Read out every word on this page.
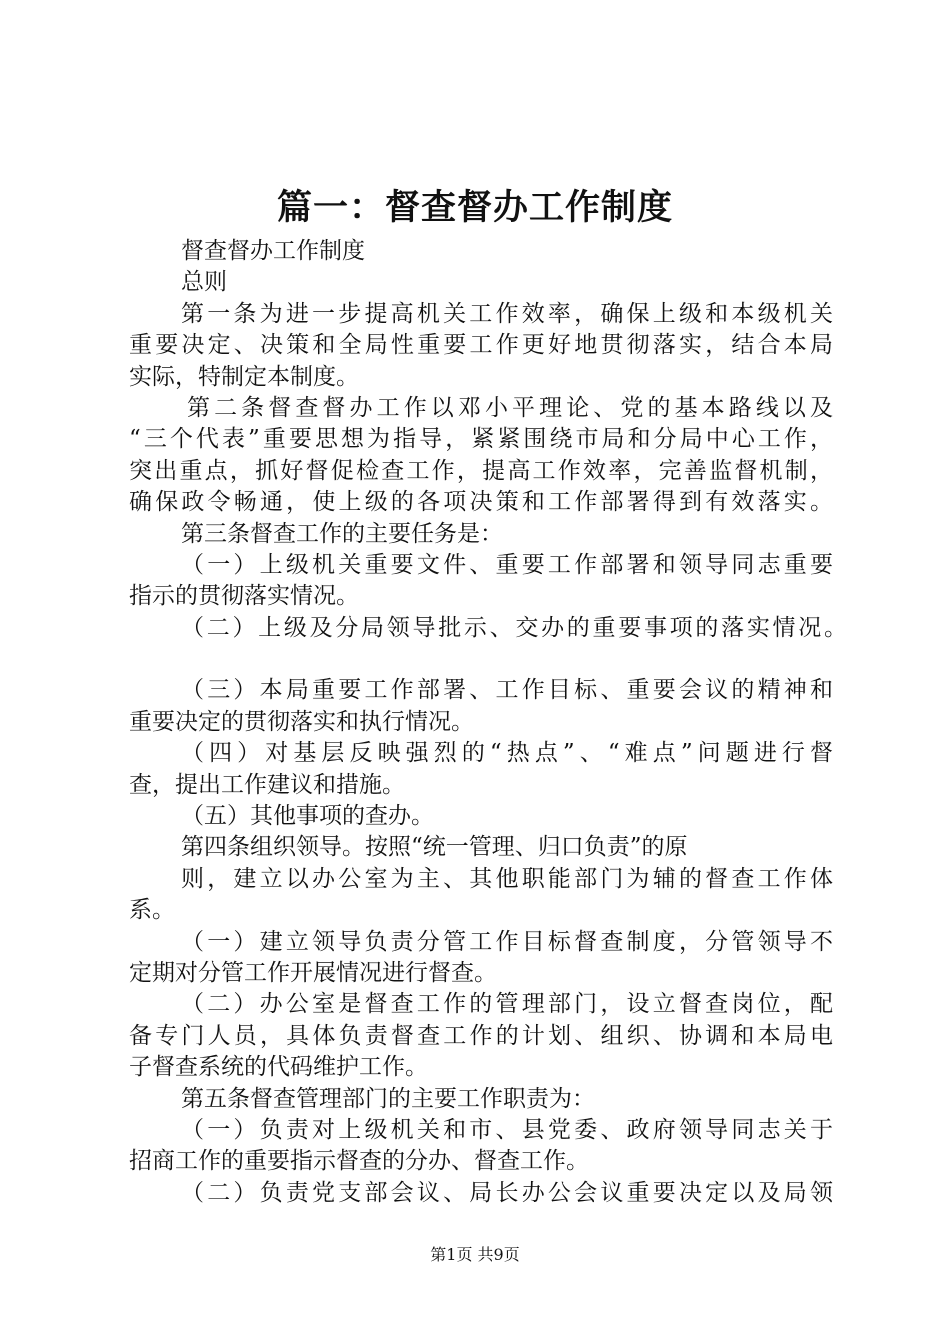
篇一：督查督办工作制度
督查督办工作制度
总则
第一条为进一步提高机关工作效率，确保上级和本级机关
重要决定、决策和全局性重要工作更好地贯彻落实，结合本局
实际，特制定本制度。
第二条督查督办工作以邓小平理论、党的基本路线以及
“三个代表”重要思想为指导，紧紧围绕市局和分局中心工作，
突出重点，抓好督促检查工作，提高工作效率，完善监督机制，
确保政令畅通，使上级的各项决策和工作部署得到有效落实。
第三条督查工作的主要任务是：
（一）上级机关重要文件、重要工作部署和领导同志重要
指示的贯彻落实情况。
（二）上级及分局领导批示、交办的重要事项的落实情况。
（三）本局重要工作部署、工作目标、重要会议的精神和
重要决定的贯彻落实和执行情况。
（四）对基层反映强烈的“热点”、“难点”问题进行督
查，提出工作建议和措施。
（五）其他事项的查办。
第四条组织领导。按照“统一管理、归口负责”的原
则，建立以办公室为主、其他职能部门为辅的督查工作体
系。
（一）建立领导负责分管工作目标督查制度，分管领导不
定期对分管工作开展情况进行督查。
（二）办公室是督查工作的管理部门，设立督查岗位，配
备专门人员，具体负责督查工作的计划、组织、协调和本局电
子督查系统的代码维护工作。
第五条督查管理部门的主要工作职责为：
（一）负责对上级机关和市、县党委、政府领导同志关于
招商工作的重要指示督查的分办、督查工作。
（二）负责党支部会议、局长办公会议重要决定以及局领
第1页 共9页
